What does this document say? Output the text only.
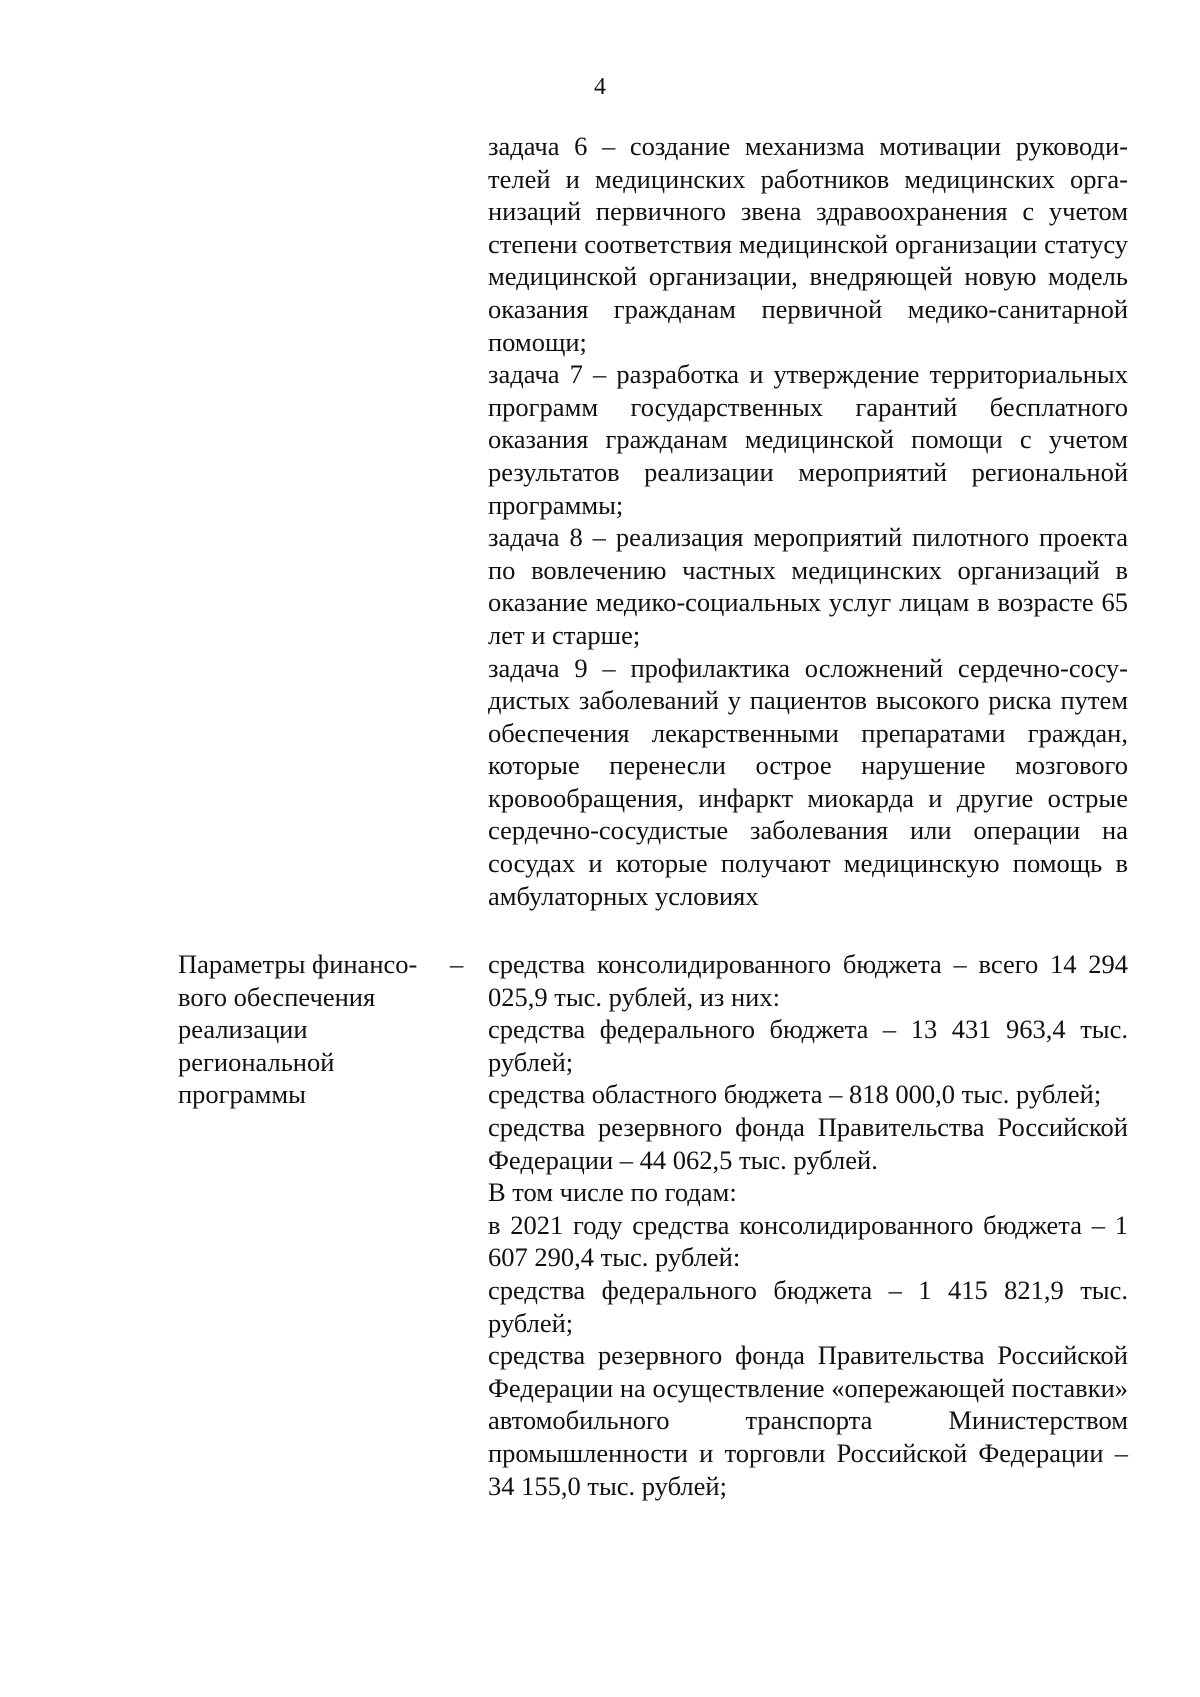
4

задача 6 – создание механизма мотивации руководителей и медицинских работников медицинских организаций первичного звена здравоохранения с учетом степени соответствия медицинской организации статусу медицинской организации, внедряющей новую модель оказания гражданам первичной медико-санитарной помощи;

задача 7 – разработка и утверждение территориальных программ государственных гарантий бесплатного оказания гражданам медицинской помощи с учетом результатов реализации мероприятий региональной программы;

задача 8 – реализация мероприятий пилотного проекта по вовлечению частных медицинских организаций в оказание медико-социальных услуг лицам в возрасте 65 лет и старше;

задача 9 – профилактика осложнений сердечно-сосудистых заболеваний у пациентов высокого риска путем обеспечения лекарственными препаратами граждан, которые перенесли острое нарушение мозгового кровообращения, инфаркт миокарда и другие острые сердечно-сосудистые заболевания или операции на сосудах и которые получают медицинскую помощь в амбулаторных условиях

Параметры финансового обеспечения реализации региональной программы
– средства консолидированного бюджета – всего 14 294 025,9 тыс. рублей, из них:

средства федерального бюджета – 13 431 963,4 тыс. рублей;

средства областного бюджета – 818 000,0 тыс. рублей;

средства резервного фонда Правительства Российской Федерации – 44 062,5 тыс. рублей.

В том числе по годам:

в 2021 году средства консолидированного бюджета – 1 607 290,4 тыс. рублей:

средства федерального бюджета – 1 415 821,9 тыс. рублей;

средства резервного фонда Правительства Российской Федерации на осуществление «опережающей поставки» автомобильного транспорта Министерством промышленности и торговли Российской Федерации – 34 155,0 тыс. рублей;
